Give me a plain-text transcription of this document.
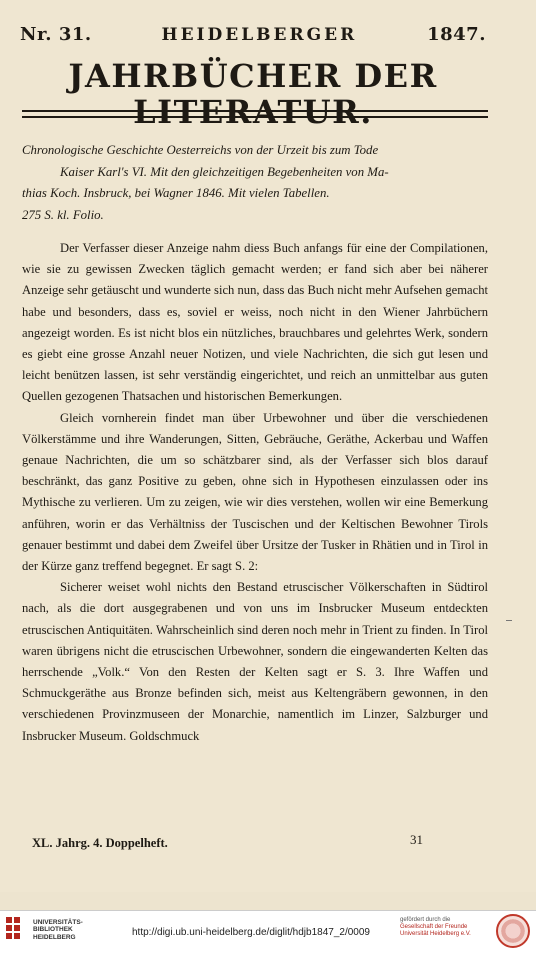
Nr. 31.	HEIDELBERGER	1847.
JAHRBÜCHER DER LITERATUR.
Chronologische Geschichte Oesterreichs von der Urzeit bis zum Tode
Kaiser Karl's VI. Mit den gleichzeitigen Begebenheiten von Ma-
thias Koch. Insbruck, bei Wagner 1846. Mit vielen Tabellen.
275 S. kl. Folio.

Der Verfasser dieser Anzeige nahm diess Buch anfangs für eine der Compilationen, wie sie zu gewissen Zwecken täglich gemacht werden; er fand sich aber bei näherer Anzeige sehr getäuscht und wunderte sich nun, dass das Buch nicht mehr Aufsehen gemacht habe und besonders, dass es, soviel er weiss, noch nicht in den Wiener Jahrbüchern angezeigt worden. Es ist nicht blos ein nützliches, brauchbares und gelehrtes Werk, sondern es giebt eine grosse Anzahl neuer Notizen, und viele Nachrichten, die sich gut lesen und leicht benützen lassen, ist sehr verständig eingerichtet, und reich an unmittelbar aus guten Quellen gezogenen Thatsachen und historischen Bemerkungen.

Gleich vornherein findet man über Urbewohner und über die verschiedenen Völkerstämme und ihre Wanderungen, Sitten, Gebräuche, Geräthe, Ackerbau und Waffen genaue Nachrichten, die um so schätzbarer sind, als der Verfasser sich blos darauf beschränkt, das ganz Positive zu geben, ohne sich in Hypothesen einzulassen oder ins Mythische zu verlieren. Um zu zeigen, wie wir dies verstehen, wollen wir eine Bemerkung anführen, worin er das Verhältniss der Tuscischen und der Keltischen Bewohner Tirols genauer bestimmt und dabei dem Zweifel über Ursitze der Tusker in Rhätien und in Tirol in der Kürze ganz treffend begegnet. Er sagt S. 2:

Sicherer weiset wohl nichts den Bestand etruscischer Völkerschaften in Südtirol nach, als die dort ausgegrabenen und von uns im Insbrucker Museum entdeckten etruscischen Antiquitäten. Wahrscheinlich sind deren noch mehr in Trient zu finden. In Tirol waren übrigens nicht die etruscischen Urbewohner, sondern die eingewanderten Kelten das herrschende „Volk.“ Von den Resten der Kelten sagt er S. 3. Ihre Waffen und Schmuckgeräthe aus Bronze befinden sich, meist aus Keltengräbern gewonnen, in den verschiedenen Provinzmuseen der Monarchie, namentlich im Linzer, Salzburger und Insbrucker Museum. Goldschmuck

XL. Jahrg. 4. Doppelheft.	31
UNIVERSITÄTS-
BIBLIOTHEK
HEIDELBERG	http://digi.ub.uni-heidelberg.de/diglit/hdjb1847_2/0009
gefördert durch die
Gesellschaft der Freunde
Universität Heidelberg e.V.
